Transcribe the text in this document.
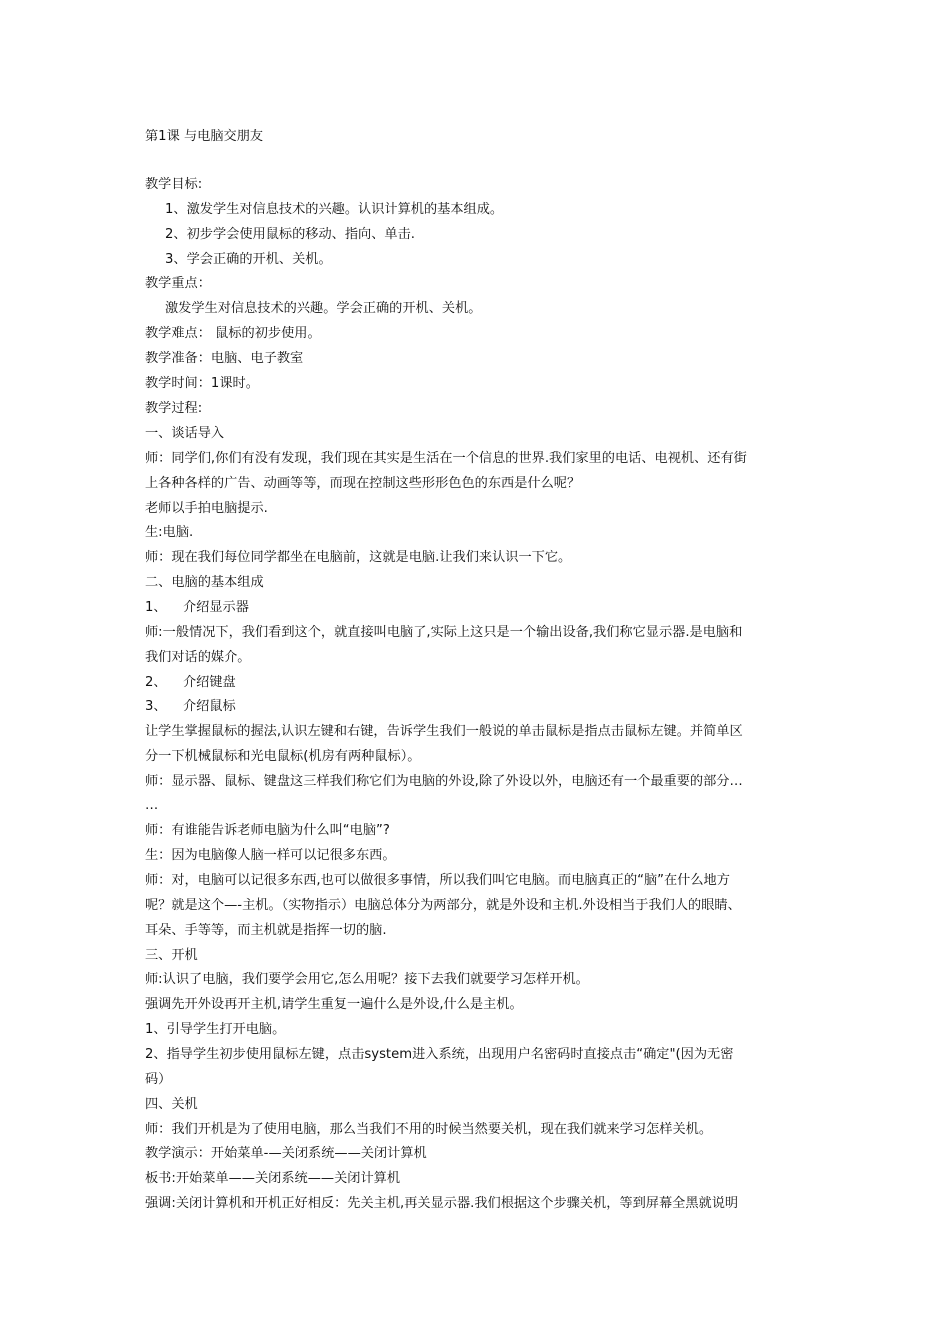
第1课 与电脑交朋友
教学目标:
1、激发学生对信息技术的兴趣。认识计算机的基本组成。
2、初步学会使用鼠标的移动、指向、单击.
3、学会正确的开机、关机。
教学重点：
激发学生对信息技术的兴趣。学会正确的开机、关机。
教学难点： 鼠标的初步使用。
教学准备：电脑、电子教室
教学时间：1课时。
教学过程:
一、谈话导入
师：同学们,你们有没有发现，我们现在其实是生活在一个信息的世界.我们家里的电话、电视机、还有街
上各种各样的广告、动画等等，而现在控制这些形形色色的东西是什么呢？
老师以手拍电脑提示.
生:电脑.
师：现在我们每位同学都坐在电脑前，这就是电脑.让我们来认识一下它。
二、电脑的基本组成
1、 介绍显示器
师:一般情况下，我们看到这个，就直接叫电脑了,实际上这只是一个输出设备,我们称它显示器.是电脑和
我们对话的媒介。
2、 介绍键盘
3、 介绍鼠标
让学生掌握鼠标的握法,认识左键和右键，告诉学生我们一般说的单击鼠标是指点击鼠标左键。并简单区
分一下机械鼠标和光电鼠标(机房有两种鼠标）。
师：显示器、鼠标、键盘这三样我们称它们为电脑的外设,除了外设以外，电脑还有一个最重要的部分…
…
师：有谁能告诉老师电脑为什么叫“电脑”?
生：因为电脑像人脑一样可以记很多东西。
师：对，电脑可以记很多东西,也可以做很多事情，所以我们叫它电脑。而电脑真正的“脑”在什么地方
呢？就是这个—-主机。（实物指示）电脑总体分为两部分，就是外设和主机.外设相当于我们人的眼睛、
耳朵、手等等，而主机就是指挥一切的脑.
三、开机
师:认识了电脑，我们要学会用它,怎么用呢？接下去我们就要学习怎样开机。
强调先开外设再开主机,请学生重复一遍什么是外设,什么是主机。
1、引导学生打开电脑。
2、指导学生初步使用鼠标左键，点击system进入系统，出现用户名密码时直接点击“确定"(因为无密
码）
四、关机
师：我们开机是为了使用电脑，那么当我们不用的时候当然要关机，现在我们就来学习怎样关机。
教学演示：开始菜单-—关闭系统——关闭计算机
板书:开始菜单——关闭系统——关闭计算机
强调:关闭计算机和开机正好相反：先关主机,再关显示器.我们根据这个步骤关机，等到屏幕全黑就说明
